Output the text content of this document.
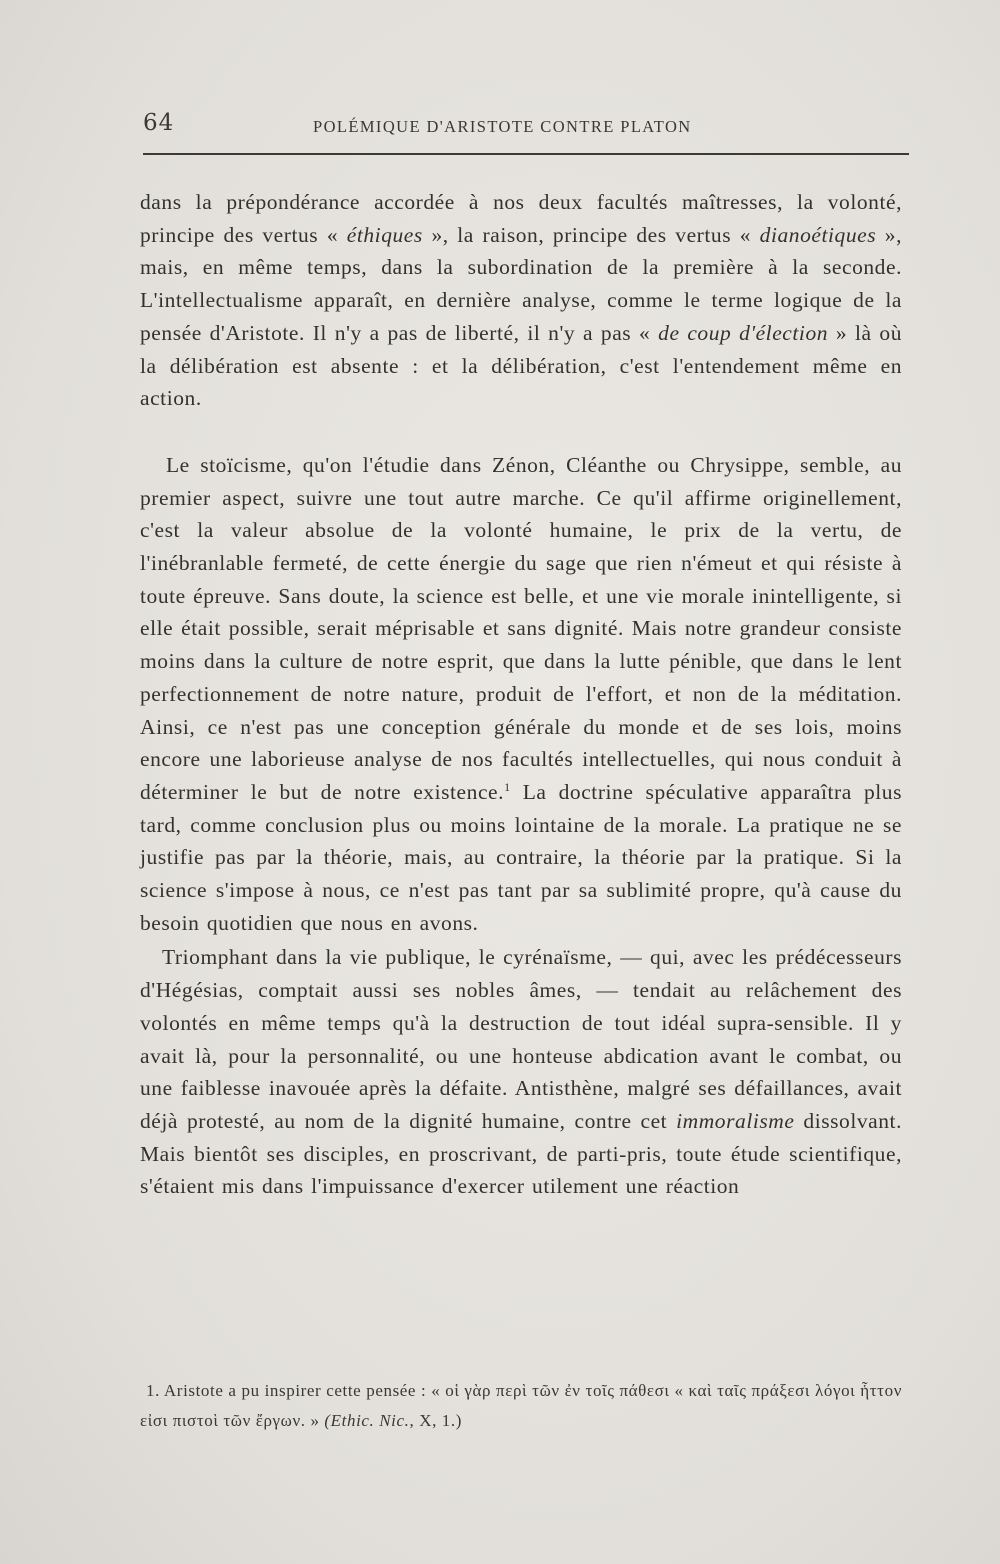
64	POLÉMIQUE D'ARISTOTE CONTRE PLATON

dans la prépondérance accordée à nos deux facultés maîtresses, la volonté, principe des vertus « éthiques », la raison, principe des vertus « dianoétiques », mais, en même temps, dans la subordination de la première à la seconde. L'intellectualisme apparaît, en dernière analyse, comme le terme logique de la pensée d'Aristote. Il n'y a pas de liberté, il n'y a pas « de coup d'élection » là où la délibération est absente : et la délibération, c'est l'entendement même en action.

Le stoïcisme, qu'on l'étudie dans Zénon, Cléanthe ou Chrysippe, semble, au premier aspect, suivre une tout autre marche. Ce qu'il affirme originellement, c'est la valeur absolue de la volonté humaine, le prix de la vertu, de l'inébranlable fermeté, de cette énergie du sage que rien n'émeut et qui résiste à toute épreuve. Sans doute, la science est belle, et une vie morale inintelligente, si elle était possible, serait méprisable et sans dignité. Mais notre grandeur consiste moins dans la culture de notre esprit, que dans la lutte pénible, que dans le lent perfectionnement de notre nature, produit de l'effort, et non de la méditation. Ainsi, ce n'est pas une conception générale du monde et de ses lois, moins encore une laborieuse analyse de nos facultés intellectuelles, qui nous conduit à déterminer le but de notre existence.$^1$ La doctrine spéculative apparaîtra plus tard, comme conclusion plus ou moins lointaine de la morale. La pratique ne se justifie pas par la théorie, mais, au contraire, la théorie par la pratique. Si la science s'impose à nous, ce n'est pas tant par sa sublimité propre, qu'à cause du besoin quotidien que nous en avons.

Triomphant dans la vie publique, le cyrénaïsme, — qui, avec les prédécesseurs d'Hégésias, comptait aussi ses nobles âmes, — tendait au relâchement des volontés en même temps qu'à la destruction de tout idéal supra-sensible. Il y avait là, pour la personnalité, ou une honteuse abdication avant le combat, ou une faiblesse inavouée après la défaite. Antisthène, malgré ses défaillances, avait déjà protesté, au nom de la dignité humaine, contre cet immoralisme dissolvant. Mais bientôt ses disciples, en proscrivant, de parti-pris, toute étude scientifique, s'étaient mis dans l'impuissance d'exercer utilement une réaction

1. Aristote a pu inspirer cette pensée : « οἱ γὰρ περὶ τῶν ἐν τοῖς πάθεσι « καὶ ταῖς πράξεσι λόγοι ἧττον εἰσι πιστοὶ τῶν ἔργων. » (Ethic. Nic., X, 1.)
